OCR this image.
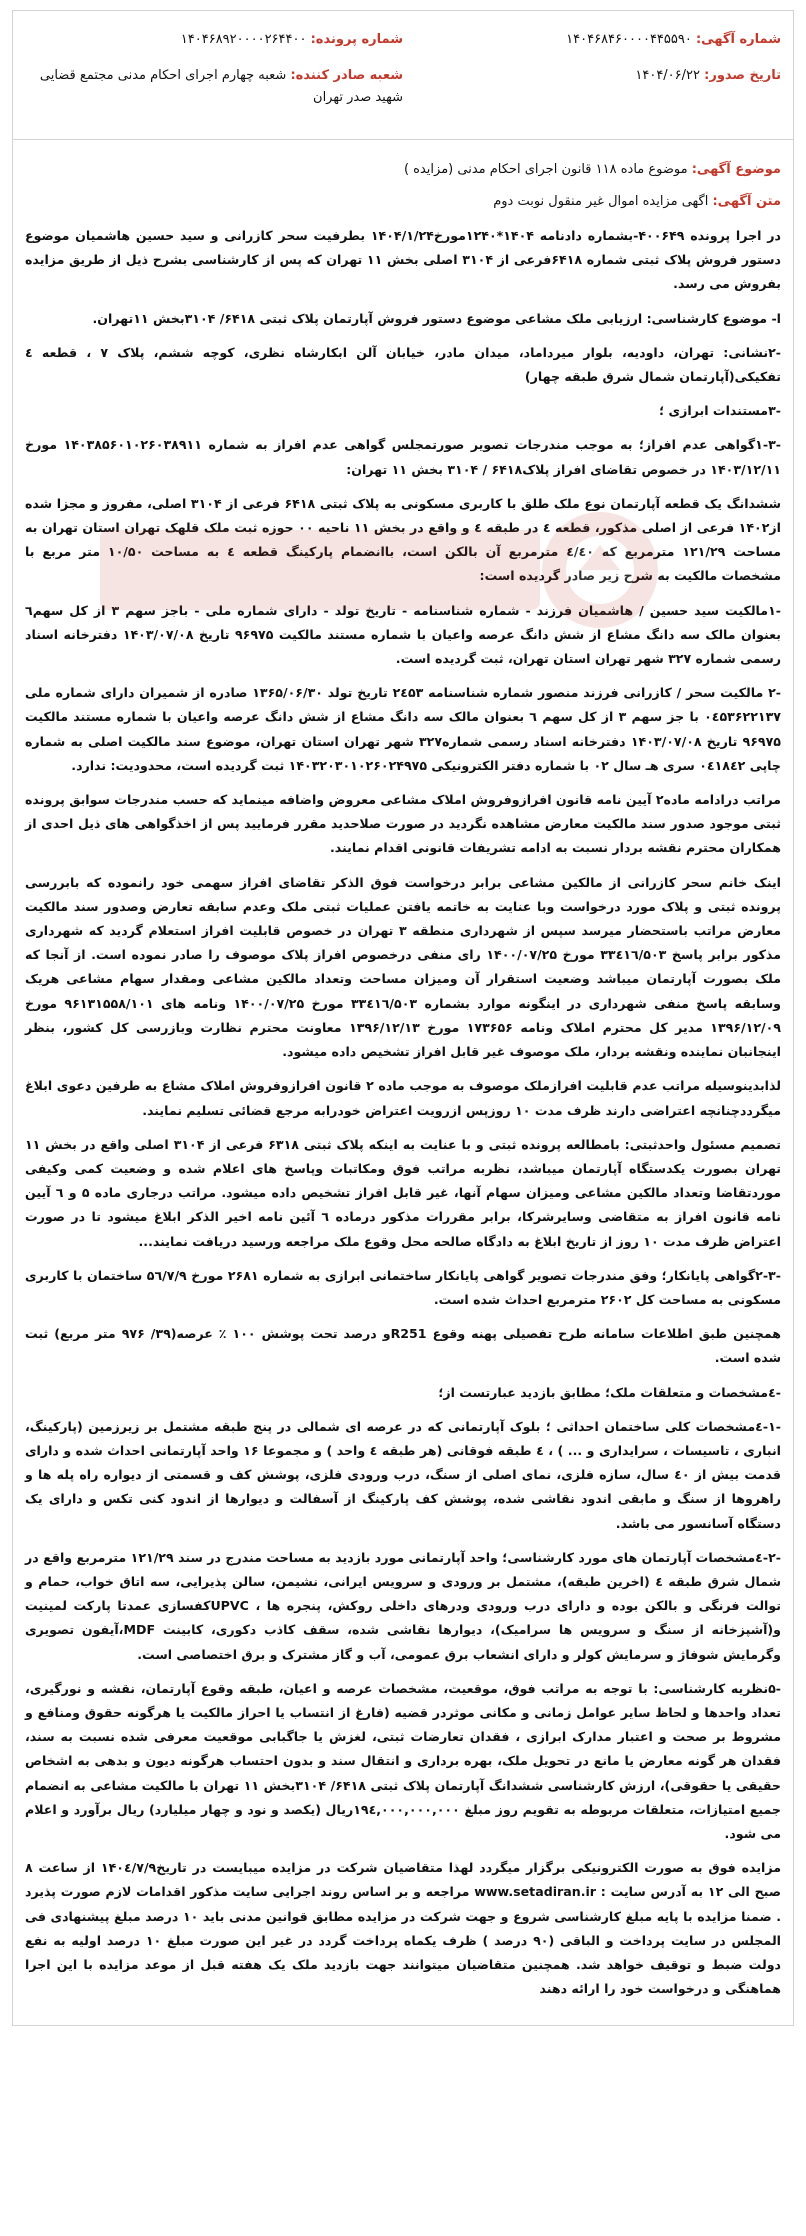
شماره آگهی: ۱۴۰۴۶۸۴۶۰۰۰۰۴۴۵۵۹۰
تاریخ صدور: ۱۴۰۴/۰۶/۲۲
شماره پرونده: ۱۴۰۴۶۸۹۲۰۰۰۰۲۶۴۴۰۰
شعبه صادر کننده: شعبه چهارم اجرای احکام مدنی مجتمع قضایی شهید صدر تهران
موضوع آگهی: موضوع ماده ۱۱۸ قانون اجرای احکام مدنی (مزایده )
متن آگهی: اگهی مزایده اموال غیر منقول نوبت دوم

در اجرا پرونده ۴۰۰۶۴۹-بشماره دادنامه ۱۴۰۴*۱۲۴۰مورخ۱۴۰۴/۱/۲۴ بطرفیت سحر کازرانی و سید حسین هاشمیان موضوع دستور فروش پلاک ثبتی شماره ۶۴۱۸فرعی از ۳۱۰۴ اصلی بخش ۱۱ تهران که پس از کارشناسی بشرح ذیل از طریق مزایده بفروش می رسد.

ا- موضوع کارشناسی: ارزیابی ملک مشاعی موضوع دستور فروش آپارتمان پلاک ثبتی ۶۴۱۸/ ۳۱۰۴بخش ۱۱تهران.

-۲نشانی: تهران، داودیه، بلوار میرداماد، میدان مادر، خیابان آلن ابکارشاه نظری، کوچه ششم، پلاک ۷ ، قطعه ٤ تفکیکی(آپارتمان شمال شرق طبقه چهار)

-۳مستندات ابرازی ؛

-۱-۳گواهی عدم افراز؛ به موجب مندرجات تصویر صورتمجلس گواهی عدم افراز به شماره ۱۴۰۳۸۵۶۰۱۰۲۶۰۳۸۹۱۱ مورخ ۱۴۰۳/۱۲/۱۱ در خصوص تقاضای افراز پلاک۶۴۱۸ / ۳۱۰۴ بخش ۱۱ تهران:

ششدانگ یک قطعه آپارتمان نوع ملک طلق با کاربری مسکونی به پلاک ثبتی ۶۴۱۸ فرعی از ۳۱۰۴ اصلی، مفروز و مجزا شده از۱۴۰۲ فرعی از اصلی مذکور، قطعه ٤ در طبقه ٤ و واقع در بخش ۱۱ ناحیه ۰۰ حوزه ثبت ملک قلهک تهران استان تهران به مساحت ۱۲۱/۲۹ مترمربع که ٤/٤۰ مترمربع آن بالکن است، باانضمام پارکینگ قطعه ٤ به مساحت ۱۰/۵۰ متر مربع با مشخصات مالکیت به شرح زیر صادر گردیده است:

-۱مالکیت سید حسین / هاشمیان فرزند - شماره شناسنامه - تاریخ تولد - دارای شماره ملی - باجز سهم ۳ از کل سهم٦ بعنوان مالک سه دانگ مشاع از شش دانگ عرصه واعیان با شماره مستند مالکیت ۹۶۹۷۵ تاریخ ۱۴۰۳/۰۷/۰۸ دفترخانه اسناد رسمی شماره ۳۲۷ شهر تهران استان تهران، ثبت گردیده است.

-۲ مالکیت سحر / کازرانی فرزند منصور شماره شناسنامه ۲٤۵۳ تاریخ تولد ۱۳۶۵/۰۶/۳۰ صادره از شمیران دارای شماره ملی ۰٤۵۳۶۲۲۱۳۷ با جز سهم ۳ از کل سهم ٦ بعنوان مالک سه دانگ مشاع از شش دانگ عرصه واعیان با شماره مستند مالکیت ۹۶۹۷۵ تاریخ ۱۴۰۳/۰۷/۰۸ دفترخانه اسناد رسمی شماره۳۲۷ شهر تهران استان تهران، موضوع سند مالکیت اصلی به شماره چاپی ۰٤۱۸٤۲ سری هـ سال ۰۲ با شماره دفتر الکترونیکی ۱۴۰۳۲۰۳۰۱۰۲۶۰۲۴۹۷۵ ثبت گردیده است، محدودیت: ندارد.

مراتب درادامه ماده۲ آیین نامه قانون افرازوفروش املاک مشاعی معروض واضافه مینماید که حسب مندرجات سوابق پرونده ثبتی موجود صدور سند مالکیت معارض مشاهده نگردید در صورت صلاحدید مقرر فرمایید پس از اخذگواهی های ذیل احدی از همکاران محترم نقشه بردار نسبت به ادامه تشریفات قانونی اقدام نمایند.

اینک خانم سحر کازرانی از مالکین مشاعی برابر درخواست فوق الذکر تقاضای افراز سهمی خود رانموده که بابررسی پرونده ثبتی و پلاک مورد درخواست وبا عنایت به خاتمه یافتن عملیات ثبتی ملک وعدم سابقه تعارض وصدور سند مالکیت معارض مراتب باستحضار میرسد سپس از شهرداری منطقه ۳ تهران در خصوص قابلیت افراز استعلام گردید که شهرداری مذکور برابر پاسخ ۳۳٤۱٦/۵۰۳ مورخ ۱۴۰۰/۰۷/۲۵ رای منفی درخصوص افراز پلاک موصوف را صادر نموده است. از آنجا که ملک بصورت آپارتمان میباشد وضعیت استقرار آن ومیزان مساحت وتعداد مالکین مشاعی ومقدار سهام مشاعی هریک وسابقه پاسخ منفی شهرداری در اینگونه موارد بشماره ۳۳٤۱٦/۵۰۳ مورخ ۱۴۰۰/۰۷/۲۵ ونامه های ۹۶۱۳۱۵۵۸/۱۰۱ مورخ ۱۳۹۶/۱۲/۰۹ مدیر کل محترم املاک ونامه ۱۷۳۶۵۶ مورخ ۱۳۹۶/۱۲/۱۳ معاونت محترم نظارت وبازرسی کل کشور، بنظر اینجانبان نماینده ونقشه بردار، ملک موصوف غیر قابل افراز تشخیص داده میشود.

لذابدینوسیله مراتب عدم قابلیت افرازملک موصوف به موجب ماده ۲ قانون افرازوفروش املاک مشاع به طرفین دعوی ابلاغ میگرددچنانچه اعتراضی دارند ظرف مدت ۱۰ روزپس ازرویت اعتراض خودرابه مرجع قضائی تسلیم نمایند.

تصمیم مسئول واحدثبتی: بامطالعه پرونده ثبتی و با عنایت به اینکه پلاک ثبتی ۶۳۱۸ فرعی از ۳۱۰۴ اصلی واقع در بخش ۱۱ تهران بصورت یکدستگاه آپارتمان میباشد، نظربه مراتب فوق ومکاتبات وپاسخ های اعلام شده و وضعیت کمی وکیفی موردتقاضا وتعداد مالکین مشاعی ومیزان سهام آنها، غیر قابل افراز تشخیص داده میشود. مراتب درجاری ماده ۵ و ٦ آیین نامه قانون افراز به متقاضی وسایرشرکا، برابر مقررات مذکور درماده ٦ آئین نامه اخیر الذکر ابلاغ میشود تا در صورت اعتراض ظرف مدت ۱۰ روز از تاریخ ابلاغ به دادگاه صالحه محل وقوع ملک مراجعه ورسید دریافت نمایند...

-۲-۳گواهی پایانکار؛ وفق مندرجات تصویر گواهی پایانکار ساختمانی ابرازی به شماره ۲۶۸۱ مورخ ۵٦/٧/۹ ساختمان با کاربری مسکونی به مساحت کل ۲۶۰۲ مترمربع احداث شده است.

همچنین طبق اطلاعات سامانه طرح تفصیلی پهنه وقوع R251و درصد تحت پوشش ۱۰۰ ٪ عرصه(۳۹/ ۹۷۶ متر مربع) ثبت شده است.

-٤مشخصات و متعلقات ملک؛ مطابق بازدید عبارتست از؛

-۱-٤مشخصات کلی ساختمان احداثی ؛ بلوک آپارتمانی که در عرصه ای شمالی در پنج طبقه مشتمل بر زیرزمین (پارکینگ، انباری ، تاسیسات ، سرایداری و ... ) ، ٤ طبقه فوقانی (هر طبقه ٤ واحد ) و مجموعا ۱۶ واحد آپارتمانی احداث شده و دارای قدمت بیش از ٤۰ سال، سازه فلزی، نمای اصلی از سنگ، درب ورودی فلزی، پوشش کف و قسمتی از دیواره راه پله ها و راهروها از سنگ و مابقی اندود نقاشی شده، پوشش کف پارکینگ از آسفالت و دیوارها از اندود کنی تکس و دارای یک دستگاه آسانسور می باشد.

-۲-٤مشخصات آپارتمان های مورد کارشناسی؛ واحد آپارتمانی مورد بازدید به مساحت مندرج در سند ۱۲۱/۲۹ مترمربع واقع در شمال شرق طبقه ٤ (اخرین طبقه)، مشتمل بر ورودی و سرویس ایرانی، نشیمن، سالن پذیرایی، سه اتاق خواب، حمام و توالت فرنگی و بالکن بوده و دارای درب ورودی ودرهای داخلی روکش، پنجره ها ، UPVCکفسازی عمدتا پارکت لمینیت و(آشپزخانه از سنگ و سرویس ها سرامیک)، دیوارها نقاشی شده، سقف کاذب دکوری، کابینت MDF،آیفون تصویری وگرمایش شوفاژ و سرمایش کولر و دارای انشعاب برق عمومی، آب و گاز مشترک و برق اختصاصی است.

-۵نظریه کارشناسی: با توجه به مراتب فوق، موقعیت، مشخصات عرصه و اعیان، طبقه وقوع آپارتمان، نقشه و نورگیری، تعداد واحدها و لحاظ سایر عوامل زمانی و مکانی موثردر قضیه (فارغ از انتساب یا احراز مالکیت یا هرگونه حقوق ومنافع و مشروط بر صحت و اعتبار مدارک ابرازی ، فقدان تعارضات ثبتی، لغزش یا جاگبابی موقعیت معرفی شده نسبت به سند، فقدان هر گونه معارض یا مانع در تحویل ملک، بهره برداری و انتقال سند و بدون احتساب هرگونه دیون و بدهی به اشخاص حقیقی یا حقوقی)، ارزش کارشناسی ششدانگ آپارتمان پلاک ثبتی ۶۴۱۸/ ۳۱۰۴بخش ۱۱ تهران با مالکیت مشاعی به انضمام جمیع امتیازات، متعلقات مربوطه به تقویم روز مبلغ ۱۹٤,۰۰۰,۰۰۰,۰۰۰ریال (یکصد و نود و چهار میلیارد) ریال برآورد و اعلام می شود.

مزایده فوق به صورت الکترونیکی برگزار میگردد لهذا متقاضیان شرکت در مزایده میبایست در تاریخ۱۴۰٤/۷/۹ از ساعت ۸ صبح الی ۱۲ به آدرس سایت : www.setadiran.ir مراجعه و بر اساس روند اجرایی سایت مذکور اقدامات لازم صورت پذیرد . ضمنا مزایده با پایه مبلغ کارشناسی شروع و جهت شرکت در مزایده مطابق قوانین مدنی باید ۱۰ درصد مبلغ پیشنهادی فی المجلس در سایت پرداخت و الباقی (۹۰ درصد ) ظرف یکماه پرداخت گردد در غیر این صورت مبلغ ۱۰ درصد اولیه به نفع دولت ضبط و توقیف خواهد شد. همچنین متقاضیان میتوانند جهت بازدید ملک یک هفته قبل از موعد مزایده با این اجرا هماهنگی و درخواست خود را ارائه دهند
